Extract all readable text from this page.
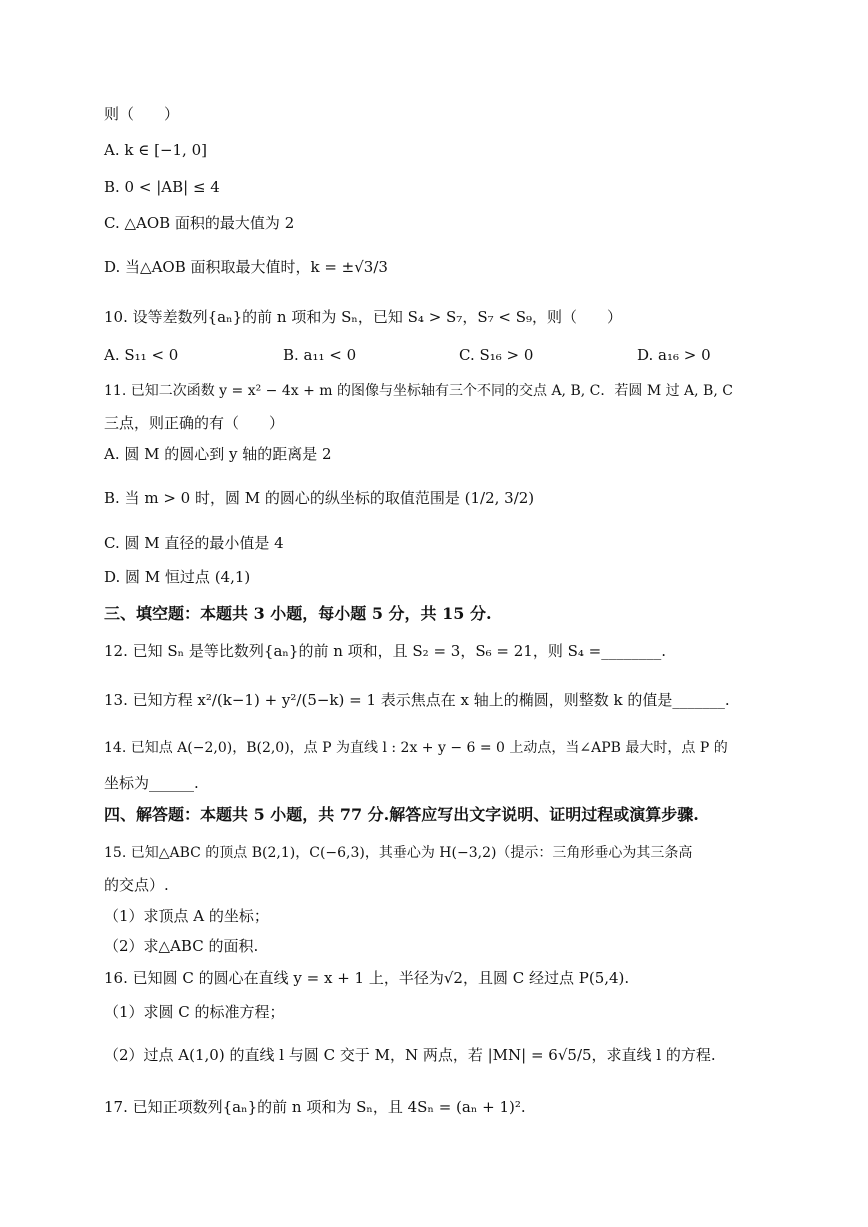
则（　　）
A. k ∈ [−1, 0]
B. 0 < |AB| ≤ 4
C. △AOB 面积的最大值为 2
D. 当△AOB 面积取最大值时，k = ±√3/3
10. 设等差数列{aₙ}的前 n 项和为 Sₙ，已知 S₄ > S₇，S₇ < S₉，则（　　）
A. S₁₁ < 0	B. a₁₁ < 0	C. S₁₆ > 0	D. a₁₆ > 0
11. 已知二次函数 y = x² − 4x + m 的图像与坐标轴有三个不同的交点 A, B, C．若圆 M 过 A, B, C
三点，则正确的有（　　）
A. 圆 M 的圆心到 y 轴的距离是 2
B. 当 m > 0 时，圆 M 的圆心的纵坐标的取值范围是 (1/2, 3/2)
C. 圆 M 直径的最小值是 4
D. 圆 M 恒过点 (4,1)
三、填空题：本题共 3 小题，每小题 5 分，共 15 分.
12. 已知 Sₙ 是等比数列{aₙ}的前 n 项和，且 S₂ = 3，S₆ = 21，则 S₄ =________.
13. 已知方程 x²/(k−1) + y²/(5−k) = 1 表示焦点在 x 轴上的椭圆，则整数 k 的值是_______.
14. 已知点 A(−2,0)，B(2,0)，点 P 为直线 l : 2x + y − 6 = 0 上动点，当∠APB 最大时，点 P 的
坐标为______.
四、解答题：本题共 5 小题，共 77 分.解答应写出文字说明、证明过程或演算步骤.
15. 已知△ABC 的顶点 B(2,1)，C(−6,3)，其垂心为 H(−3,2)（提示：三角形垂心为其三条高
的交点）.
（1）求顶点 A 的坐标；
（2）求△ABC 的面积.
16. 已知圆 C 的圆心在直线 y = x + 1 上，半径为√2，且圆 C 经过点 P(5,4).
（1）求圆 C 的标准方程；
（2）过点 A(1,0) 的直线 l 与圆 C 交于 M，N 两点，若 |MN| = 6√5/5，求直线 l 的方程.
17. 已知正项数列{aₙ}的前 n 项和为 Sₙ，且 4Sₙ = (aₙ + 1)².
